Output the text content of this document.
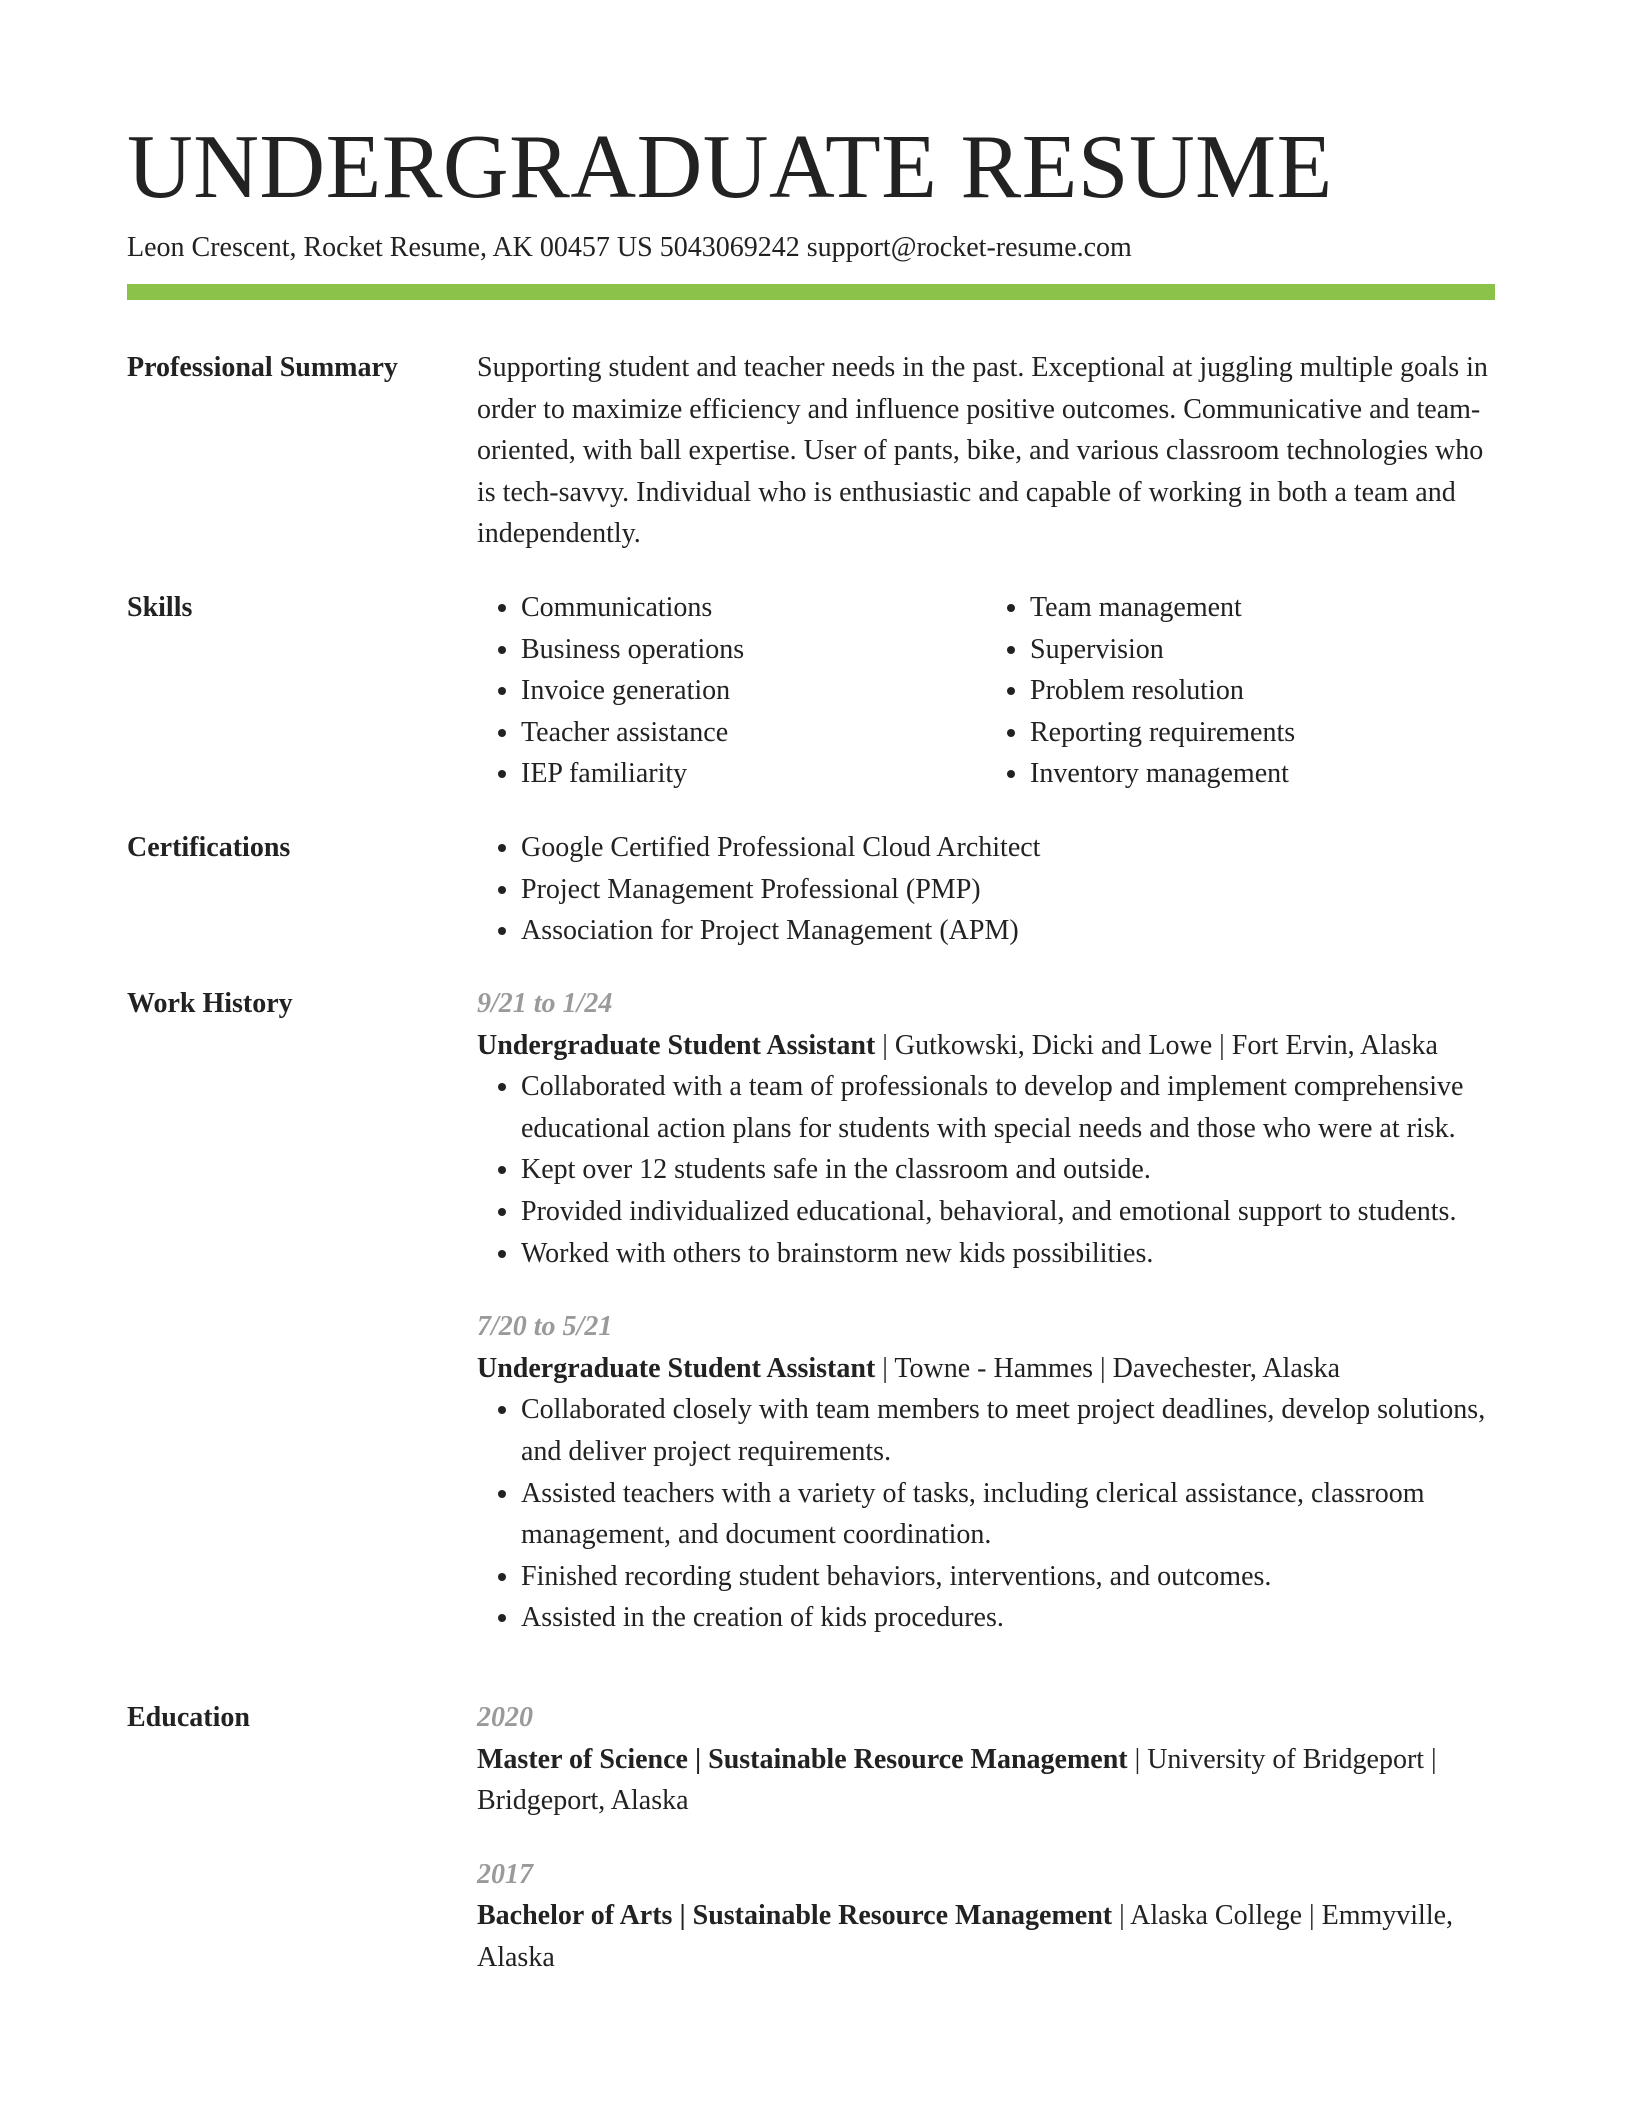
UNDERGRADUATE RESUME
Leon Crescent, Rocket Resume, AK 00457 US 5043069242 support@rocket-resume.com
Professional Summary	Supporting student and teacher needs in the past. Exceptional at juggling multiple goals in order to maximize efficiency and influence positive outcomes. Communicative and team-oriented, with ball expertise. User of pants, bike, and various classroom technologies who is tech-savvy. Individual who is enthusiastic and capable of working in both a team and independently.

Skills	• Communications
• Business operations
• Invoice generation
• Teacher assistance
• IEP familiarity
• Team management
• Supervision
• Problem resolution
• Reporting requirements
• Inventory management
Certifications	• Google Certified Professional Cloud Architect
• Project Management Professional (PMP)
• Association for Project Management (APM)
Work History	9/21 to 1/24
Undergraduate Student Assistant | Gutkowski, Dicki and Lowe | Fort Ervin, Alaska
• Collaborated with a team of professionals to develop and implement comprehensive educational action plans for students with special needs and those who were at risk.
• Kept over 12 students safe in the classroom and outside.
• Provided individualized educational, behavioral, and emotional support to students.
• Worked with others to brainstorm new kids possibilities.
7/20 to 5/21
Undergraduate Student Assistant | Towne - Hammes | Davechester, Alaska
• Collaborated closely with team members to meet project deadlines, develop solutions, and deliver project requirements.
• Assisted teachers with a variety of tasks, including clerical assistance, classroom management, and document coordination.
• Finished recording student behaviors, interventions, and outcomes.
• Assisted in the creation of kids procedures.
Education	2020
Master of Science | Sustainable Resource Management | University of Bridgeport | Bridgeport, Alaska
2017
Bachelor of Arts | Sustainable Resource Management | Alaska College | Emmyville, Alaska
